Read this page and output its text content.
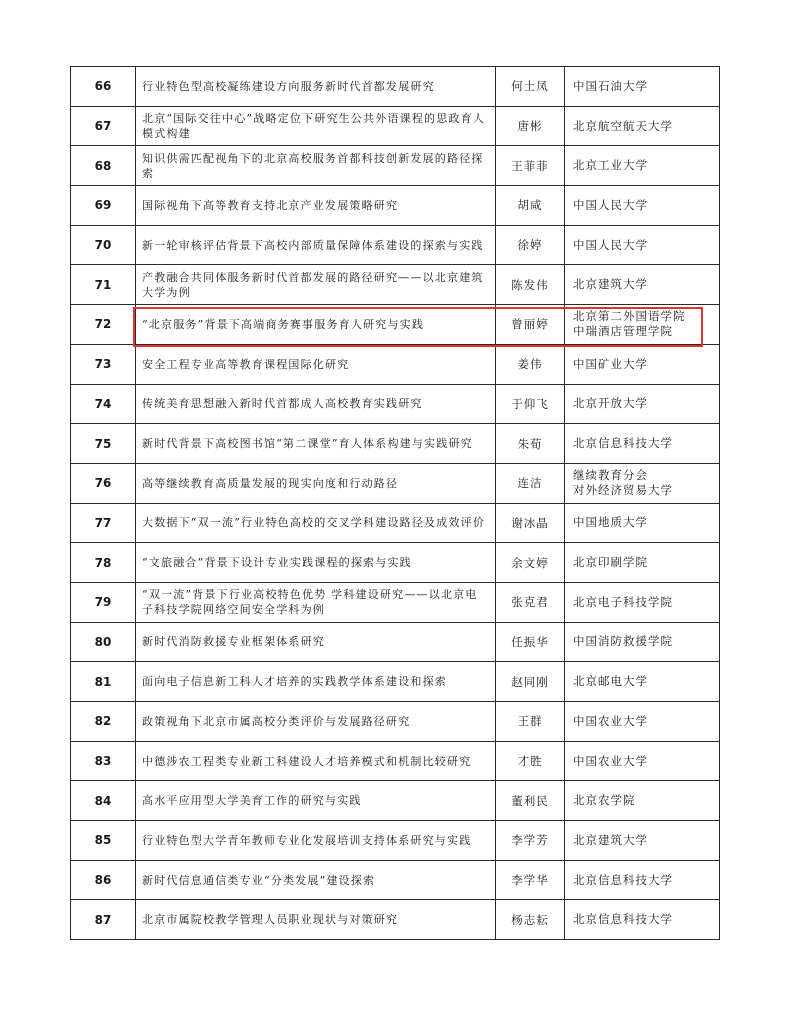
66	行业特色型高校凝练建设方向服务新时代首都发展研究	何土凤	中国石油大学

67	北京“国际交往中心”战略定位下研究生公共外语课程的思政育人模式构建	唐彬	北京航空航天大学

68	知识供需匹配视角下的北京高校服务首都科技创新发展的路径探索	王菲菲	北京工业大学

69	国际视角下高等教育支持北京产业发展策略研究	胡咸	中国人民大学

70	新一轮审核评估背景下高校内部质量保障体系建设的探索与实践	徐婷	中国人民大学

71	产教融合共同体服务新时代首都发展的路径研究——以北京建筑大学为例	陈发伟	北京建筑大学

72	“北京服务”背景下高端商务赛事服务育人研究与实践	曾丽婷	北京第二外国语学院
中瑞酒店管理学院

73	安全工程专业高等教育课程国际化研究	姜伟	中国矿业大学

74	传统美育思想融入新时代首都成人高校教育实践研究	于仰飞	北京开放大学

75	新时代背景下高校图书馆“第二课堂”育人体系构建与实践研究	朱荀	北京信息科技大学

76	高等继续教育高质量发展的现实向度和行动路径	连洁	继续教育分会
对外经济贸易大学

77	大数据下“双一流”行业特色高校的交叉学科建设路径及成效评价	谢冰晶	中国地质大学

78	“文旅融合”背景下设计专业实践课程的探索与实践	余文婷	北京印刷学院

79	“双一流”背景下行业高校特色优势 学科建设研究——以北京电子科技学院网络空间安全学科为例	张克君	北京电子科技学院

80	新时代消防救援专业框架体系研究	任振华	中国消防救援学院

81	面向电子信息新工科人才培养的实践教学体系建设和探索	赵同刚	北京邮电大学

82	政策视角下北京市属高校分类评价与发展路径研究	王群	中国农业大学

83	中德涉农工程类专业新工科建设人才培养模式和机制比较研究	才胜	中国农业大学

84	高水平应用型大学美育工作的研究与实践	董利民	北京农学院

85	行业特色型大学青年教师专业化发展培训支持体系研究与实践	李学芳	北京建筑大学

86	新时代信息通信类专业“分类发展”建设探索	李学华	北京信息科技大学

87	北京市属院校教学管理人员职业现状与对策研究	杨志耘	北京信息科技大学
